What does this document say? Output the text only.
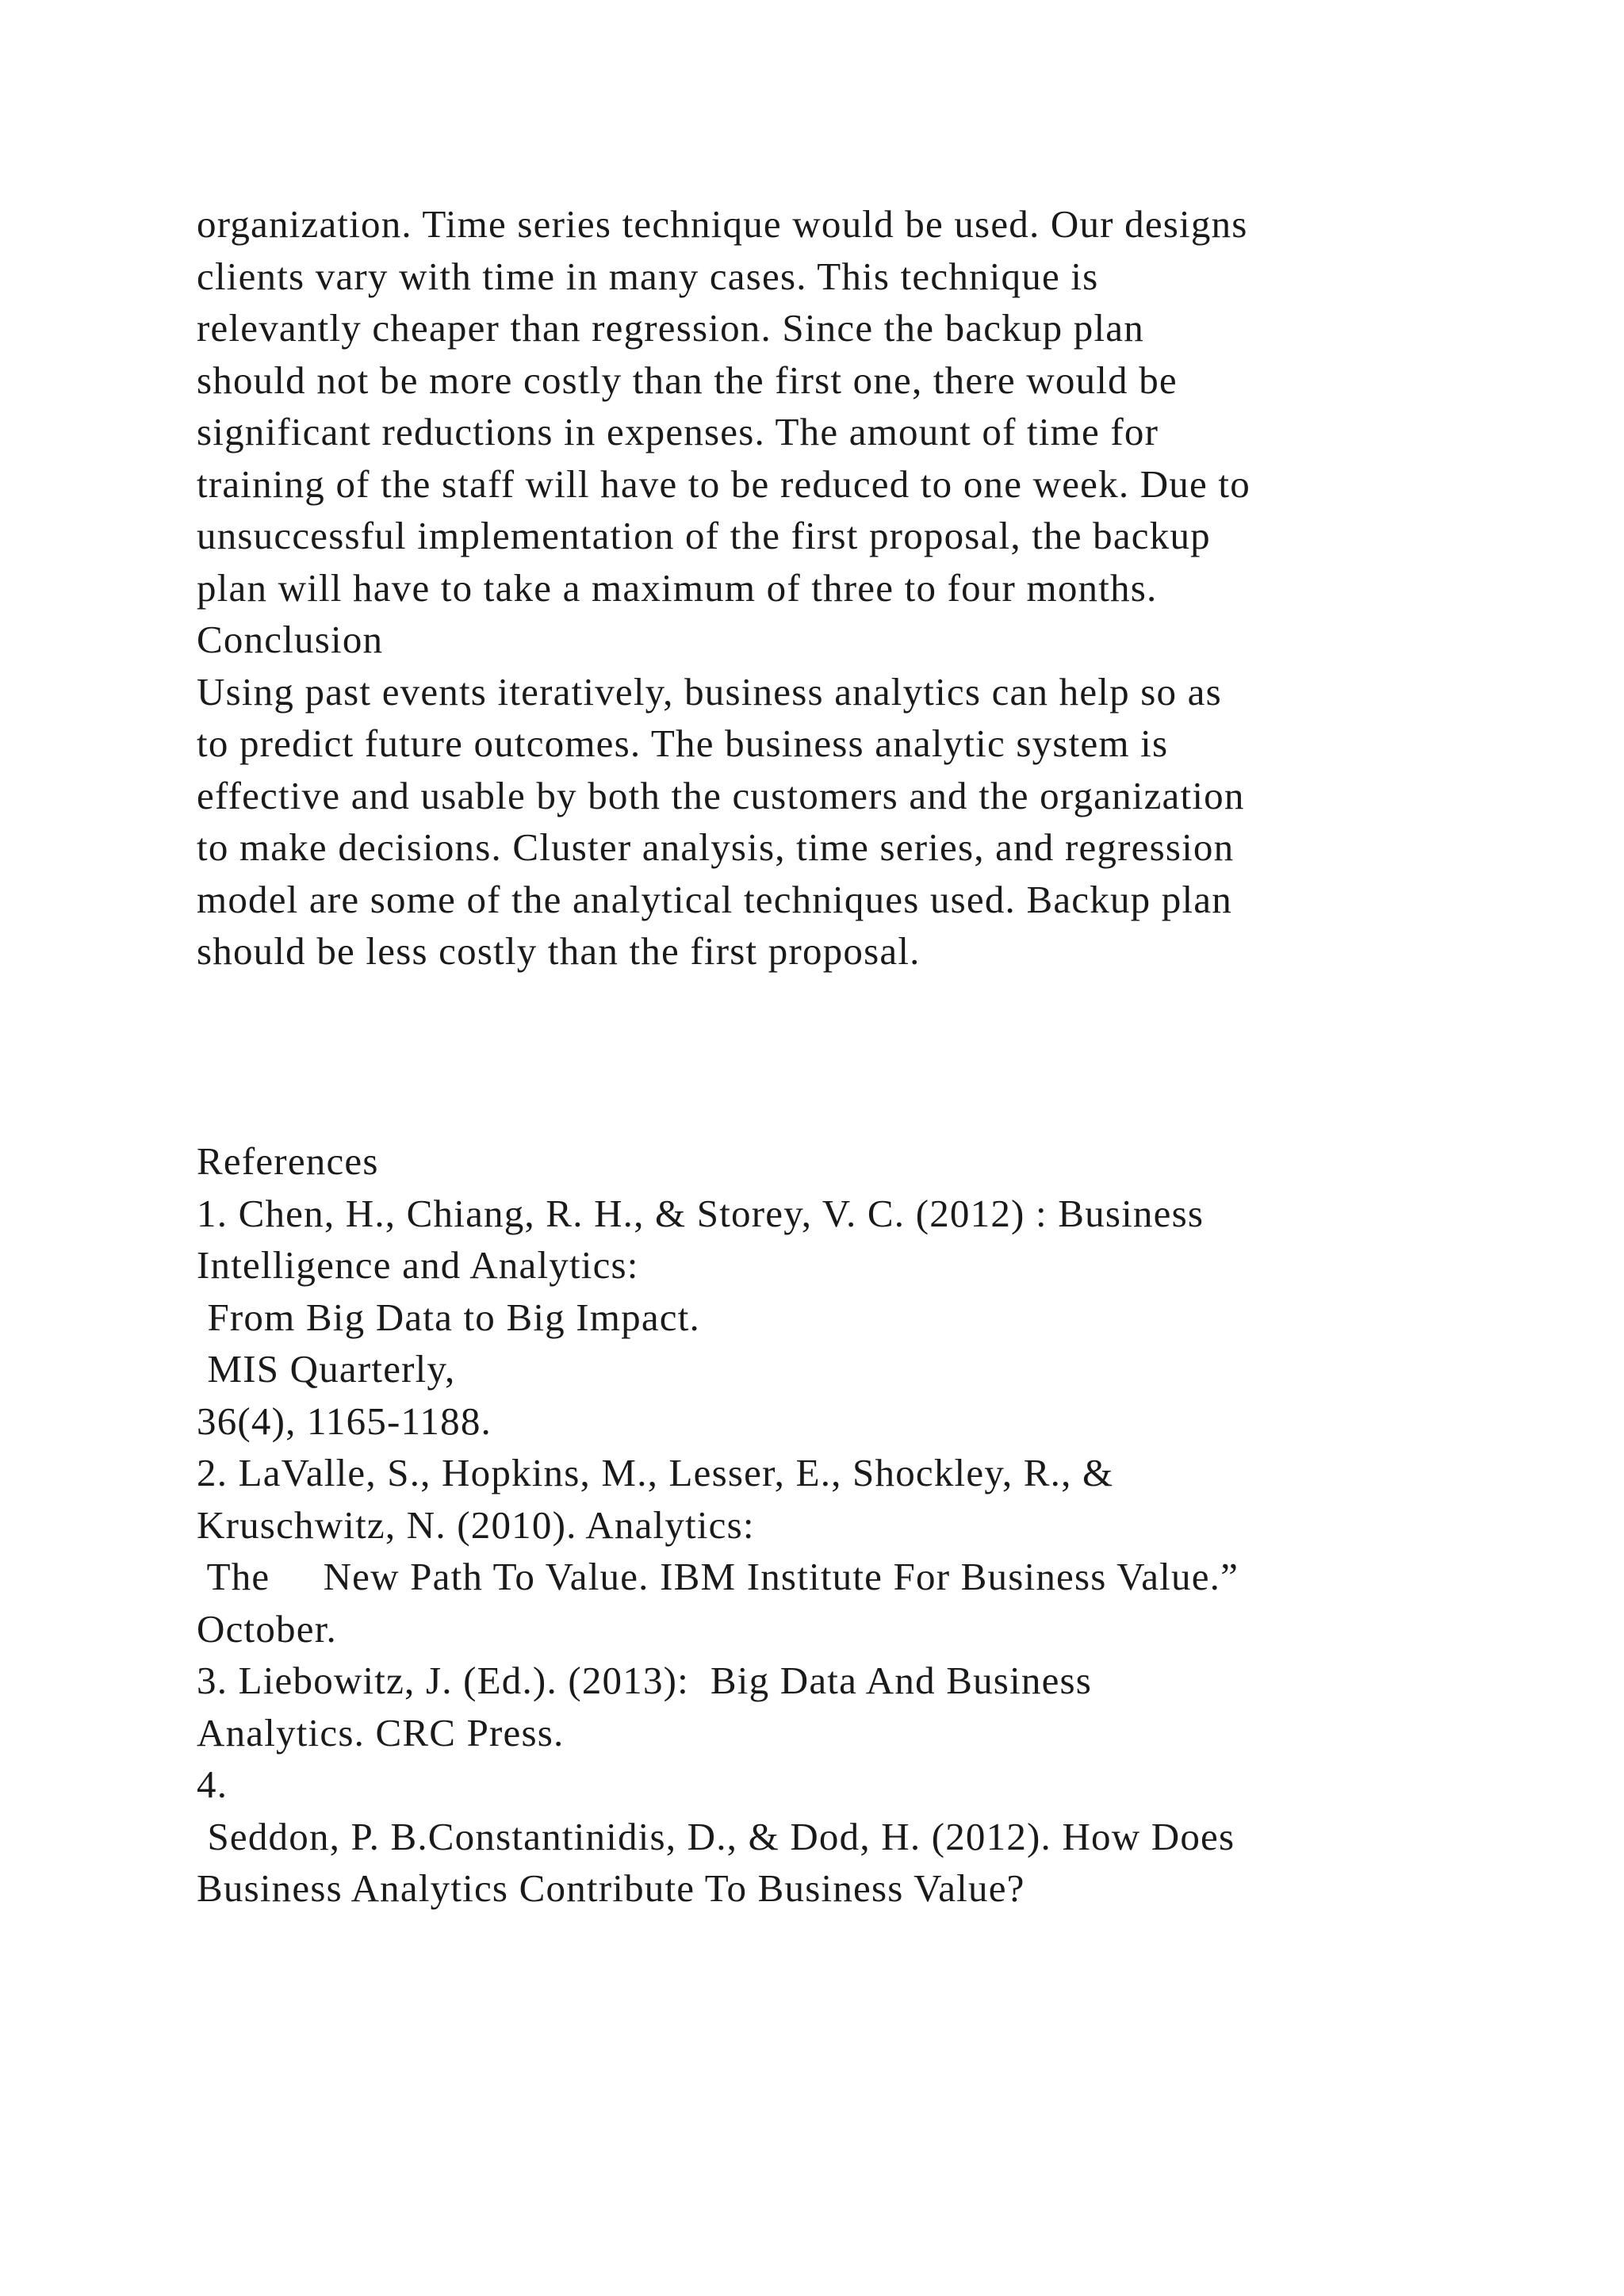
organization. Time series technique would be used. Our designs
clients vary with time in many cases. This technique is
relevantly cheaper than regression. Since the backup plan
should not be more costly than the first one, there would be
significant reductions in expenses. The amount of time for
training of the staff will have to be reduced to one week. Due to
unsuccessful implementation of the first proposal, the backup
plan will have to take a maximum of three to four months.
Conclusion
Using past events iteratively, business analytics can help so as
to predict future outcomes. The business analytic system is
effective and usable by both the customers and the organization
to make decisions. Cluster analysis, time series, and regression
model are some of the analytical techniques used. Backup plan
should be less costly than the first proposal.
References
1. Chen, H., Chiang, R. H., & Storey, V. C. (2012) : Business
Intelligence and Analytics:
From Big Data to Big Impact.
MIS Quarterly,
36(4), 1165-1188.
2. LaValle, S., Hopkins, M., Lesser, E., Shockley, R., &
Kruschwitz, N. (2010). Analytics:
The     New Path To Value. IBM Institute For Business Value.”
October.
3. Liebowitz, J. (Ed.). (2013):  Big Data And Business
Analytics. CRC Press.
4.
Seddon, P. B.Constantinidis, D., & Dod, H. (2012). How Does
Business Analytics Contribute To Business Value?
